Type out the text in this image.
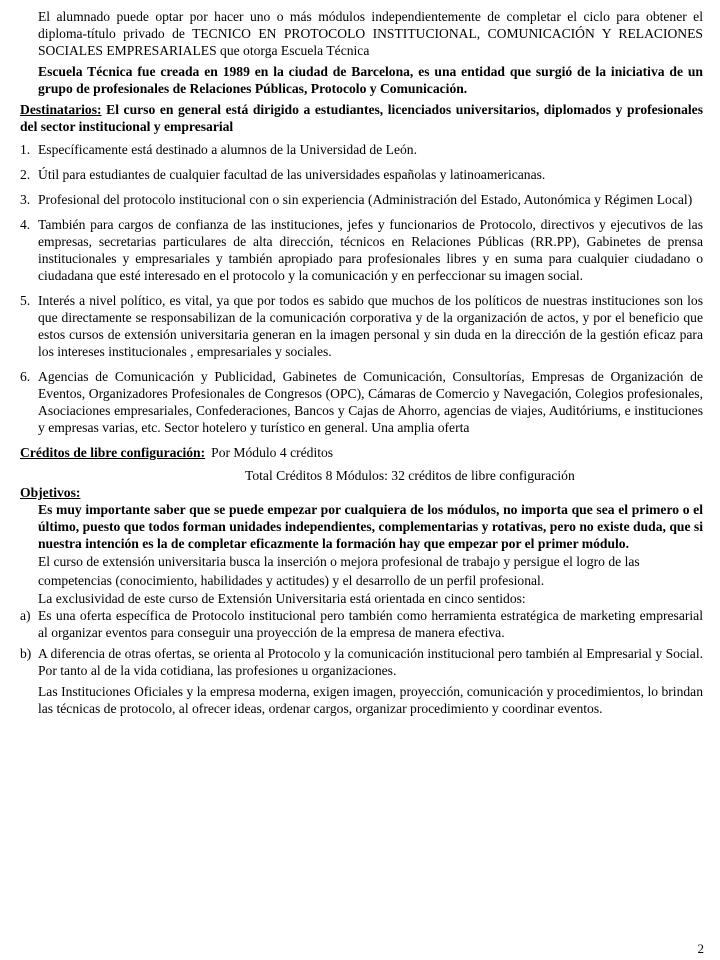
El alumnado puede optar por hacer uno o más módulos independientemente de completar el ciclo para obtener el diploma-título privado de TECNICO EN PROTOCOLO INSTITUCIONAL, COMUNICACIÓN Y RELACIONES SOCIALES EMPRESARIALES que otorga Escuela Técnica

Escuela Técnica fue creada en 1989 en la ciudad de Barcelona, es una entidad que surgió de la iniciativa de un grupo de profesionales de Relaciones Públicas, Protocolo y Comunicación.

Destinatarios: El curso en general está dirigido a estudiantes, licenciados universitarios, diplomados y profesionales del sector institucional y empresarial

1. Específicamente está destinado a alumnos de la Universidad de León.
2. Útil para estudiantes de cualquier facultad de las universidades españolas y latinoamericanas.
3. Profesional del protocolo institucional con o sin experiencia (Administración del Estado, Autonómica y Régimen Local)
4. También para cargos de confianza de las instituciones, jefes y funcionarios de Protocolo, directivos y ejecutivos de las empresas, secretarias particulares de alta dirección, técnicos en Relaciones Públicas (RR.PP), Gabinetes de prensa institucionales y empresariales y también apropiado para profesionales libres y en suma para cualquier ciudadano o ciudadana que esté interesado en el protocolo y la comunicación y en perfeccionar su imagen social.
5. Interés a nivel político, es vital, ya que por todos es sabido que muchos de los políticos de nuestras instituciones son los que directamente se responsabilizan de la comunicación corporativa y de la organización de actos, y por el beneficio que estos cursos de extensión universitaria generan en la imagen personal y sin duda en la dirección de la gestión eficaz para los intereses institucionales , empresariales y sociales.
6. Agencias de Comunicación y Publicidad, Gabinetes de Comunicación, Consultorías, Empresas de Organización de Eventos, Organizadores Profesionales de Congresos (OPC), Cámaras de Comercio y Navegación, Colegios profesionales, Asociaciones empresariales, Confederaciones, Bancos y Cajas de Ahorro, agencias de viajes, Auditóriums, e instituciones y empresas varias, etc. Sector hotelero y turístico en general. Una amplia oferta
Créditos de libre configuración: Por Módulo 4 créditos

Total Créditos 8 Módulos: 32 créditos de libre configuración

Objetivos:

Es muy importante saber que se puede empezar por cualquiera de los módulos, no importa que sea el primero o el último, puesto que todos forman unidades independientes, complementarias y rotativas, pero no existe duda, que si nuestra intención es la de completar eficazmente la formación hay que empezar por el primer módulo.

El curso de extensión universitaria busca la inserción o mejora profesional de trabajo y persigue el logro de las competencias (conocimiento, habilidades y actitudes) y el desarrollo de un perfil profesional.

La exclusividad de este curso de Extensión Universitaria está orientada en cinco sentidos:

a) Es una oferta específica de Protocolo institucional pero también como herramienta estratégica de marketing empresarial al organizar eventos para conseguir una proyección de la empresa de manera efectiva.
b) A diferencia de otras ofertas, se orienta al Protocolo y la comunicación institucional pero también al Empresarial y Social. Por tanto al de la vida cotidiana, las profesiones u organizaciones.

Las Instituciones Oficiales y la empresa moderna, exigen imagen, proyección, comunicación y procedimientos, lo brindan las técnicas de protocolo, al ofrecer ideas, ordenar cargos, organizar procedimiento y coordinar eventos.

2
